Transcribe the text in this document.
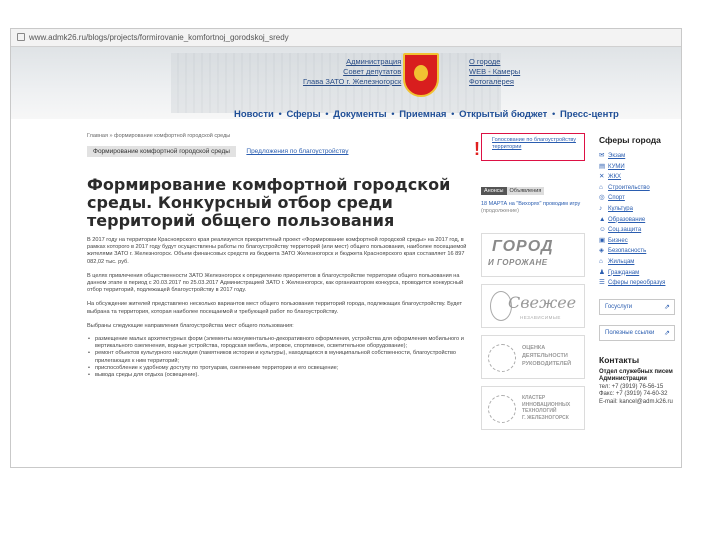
www.admk26.ru/blogs/projects/formirovanie_komfortnoj_gorodskoj_sredy
Администрация
Совет депутатов
Глава ЗАТО г. Железногорск
О городе
WEB - Камеры
Фотогалерея
Новости • Сферы • Документы • Приемная • Открытый бюджет • Пресс-центр
Главная » формирование комфортной городской среды
Формирование комфортной городской среды	Предложения по благоустройству
Формирование комфортной городской среды. Конкурсный отбор среди территорий общего пользования

В 2017 году на территории Красноярского края реализуется приоритетный проект «Формирование комфортной городской среды» на 2017 год, в рамках которого в 2017 году будут осуществлены работы по благоустройству территорий (или мест) общего пользования, наиболее посещаемой жителями ЗАТО г. Железногорск. Объем финансовых средств из бюджета ЗАТО Железногорск и бюджета Красноярского края составляет 16 897 082,02 тыс. руб.

В целях привлечения общественности ЗАТО Железногорск к определению приоритетов в благоустройстве территории общего пользования на данном этапе в период с 20.03.2017 по 25.03.2017 Администрацией ЗАТО г. Железногорск, как организатором конкурса, проводится конкурсный отбор территорий, подлежащей благоустройству в 2017 году.

На обсуждение жителей представлено несколько вариантов мест общего пользования территорий города, подлежащих благоустройству. Будет выбрана та территория, которая наиболее посещаемой и требующей работ по благоустройству.

Выбраны следующие направления благоустройства мест общего пользования:

• размещение малых архитектурных форм (элементы монументально-декоративного оформления, устройства для оформления мобильного и вертикального озеленения, водные устройства, городская мебель, игровое, спортивное, осветительное оборудование);
• ремонт объектов культурного наследия (памятников истории и культуры), находящихся в муниципальной собственности, благоустройство прилегающих к ним территорий;
• приспособление к удобному доступу по тротуарам, озеленение территории и его освещение;
• вывода среды для отдыха (освещение).
! Голосование по благоустройству территории
Анонсы Объявления
18 МАРТА на "Вихорях" проводим игру
(продолжение)
ГОРОД
И ГОРОЖАНЕ
Свежее
НЕЗАВИСИМЫЕ
ОЦЕНКА
ДЕЯТЕЛЬНОСТИ
РУКОВОДИТЕЛЕЙ
КЛАСТЕР
ИННОВАЦИОННЫХ
ТЕХНОЛОГИЙ
Г. ЖЕЛЕЗНОГОРСК
Сферы города
✉ Экзам
▤ КУМИ
✕ ЖКХ
⌂ Строительство
◎ Спорт
♪ Культура
▲ Образование
☺ Соц.защита
▣ Бизнес
◈ Безопасность
⌂ Жильцам
♟ Гражданам
☰ Сферы переобразуя
Госуслуги	⇗
Полезные ссылки ⇗
Контакты
Отдел служебных писем Администрации
тел: +7 (3919) 76-56-15
Факс: +7 (3919) 74-60-32
E-mail: kancel@adm.k26.ru
